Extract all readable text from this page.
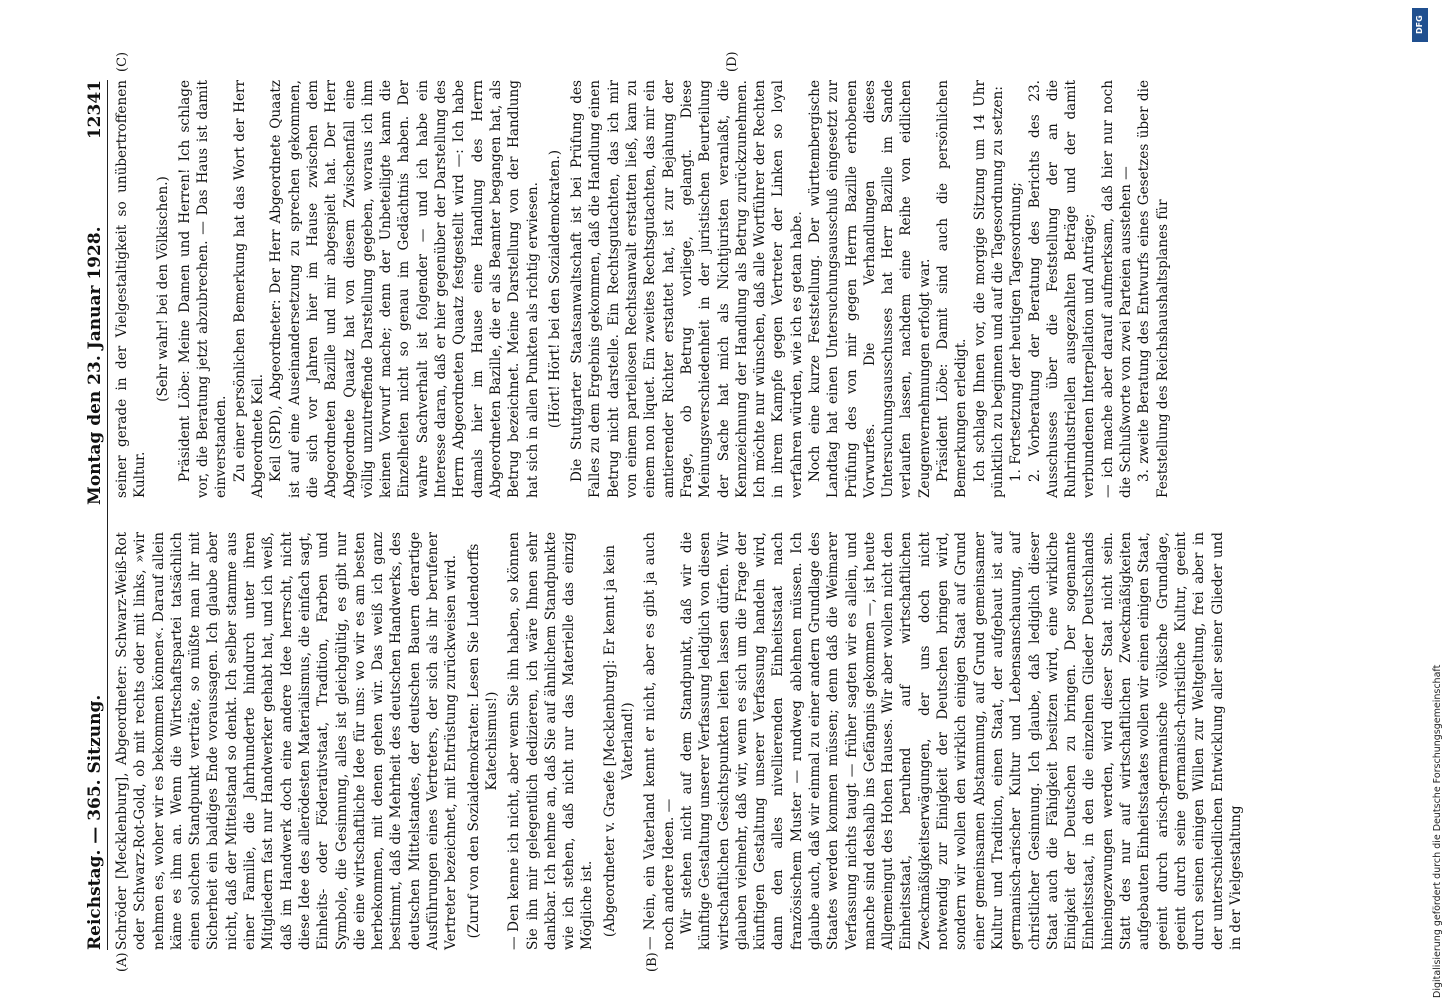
Reichstag. — 365. Sitzung.
Montag den 23. Januar 1928.
12341

Schröder [Mecklenburg], Abgeordneter: Schwarz-Weiß-Rot oder Schwarz-Rot-Gold, ob mit rechts oder mit links, »wir nehmen es, woher wir es bekommen können«. Darauf allein käme es ihm an. Wenn die Wirtschaftspartei tatsächlich einen solchen Standpunkt verträte, so müßte man ihr mit Sicherheit ein baldiges Ende voraussagen. Ich glaube aber nicht, daß der Mittelstand so denkt. Ich selber stamme aus einer Familie, die Jahrhunderte hindurch unter ihren Mitgliedern fast nur Handwerker gehabt hat, und ich weiß, daß im Handwerk doch eine andere Idee herrscht, nicht diese Idee des allerödesten Materialismus, die einfach sagt, Einheits- oder Föderativstaat, Tradition, Farben und Symbole, die Gesinnung, alles ist gleichgültig, es gibt nur die eine wirtschaftliche Idee für uns: wo wir es am besten herbekommen, mit denen gehen wir. Das weiß ich ganz bestimmt, daß die Mehrheit des deutschen Handwerks, des deutschen Mittelstandes, der deutschen Bauern derartige Ausführungen eines Vertreters, der sich als ihr berufener Vertreter bezeichnet, mit Entrüstung zurückweisen wird. (Zuruf von den Sozialdemokraten: Lesen Sie Ludendorffs Katechismus!) — Den kenne ich nicht, aber wenn Sie ihn haben, so können Sie ihn mir gelegentlich dedizieren, ich wäre Ihnen sehr dankbar. Ich nehme an, daß Sie auf ähnlichem Standpunkte wie ich stehen, daß nicht nur das Materielle das einzig Mögliche ist. (Abgeordneter v. Graefe [Mecklenburg]: Er kennt ja kein Vaterland!) — Nein, ein Vaterland kennt er nicht, aber es gibt ja auch noch andere Ideen. — Wir stehen nicht auf dem Standpunkt, daß wir die künftige Gestaltung unserer Verfassung lediglich von diesen wirtschaftlichen Gesichtspunkten leiten lassen dürfen. Wir glauben vielmehr, daß wir, wenn es sich um die Frage der künftigen Gestaltung unserer Verfassung handeln wird, dann den alles nivellierenden Einheitsstaat nach französischem Muster — rundweg ablehnen müssen. Ich glaube auch, daß wir einmal zu einer andern Grundlage des Staates werden kommen müssen; denn daß die Weimarer Verfassung nichts taugt — früher sagten wir es allein, und manche sind deshalb ins Gefängnis gekommen —, ist heute Allgemeingut des Hohen Hauses. Wir aber wollen nicht den Einheitsstaat, beruhend auf wirtschaftlichen Zweckmäßigkeitserwägungen, der uns doch nicht notwendig zur Einigkeit der Deutschen bringen wird, sondern wir wollen den wirklich einigen Staat auf Grund einer gemeinsamen Abstammung, auf Grund gemeinsamer Kultur und Tradition, einen Staat, der aufgebaut ist auf germanisch-arischer Kultur und Lebensanschauung, auf christlicher Gesinnung. Ich glaube, daß lediglich dieser Staat auch die Fähigkeit besitzen wird, eine wirkliche Einigkeit der Deutschen zu bringen. Der sogenannte Einheitsstaat, in den die einzelnen Glieder Deutschlands hineingezwungen werden, wird dieser Staat nicht sein. Statt des nur auf wirtschaftlichen Zweckmäßigkeiten aufgebauten Einheitsstaates wollen wir einen einigen Staat, geeint durch arisch-germanische völkische Grundlage, geeint durch seine germanisch-christliche Kultur, geeint durch seinen einigen Willen zur Weltgeltung, frei aber in der unterschiedlichen Entwicklung aller seiner Glieder und in der Vielgestaltung

seiner gerade in der Vielgestaltigkeit so unübertroffenen Kultur.

(Sehr wahr! bei den Völkischen.) Präsident Löbe: Meine Damen und Herren! Ich schlage vor, die Beratung jetzt abzubrechen. — Das Haus ist damit einverstanden. Zu einer persönlichen Bemerkung hat das Wort der Herr Abgeordnete Keil. Keil (SPD), Abgeordneter: Der Herr Abgeordnete Quaatz ist auf eine Auseinandersetzung zu sprechen gekommen, die sich vor Jahren hier im Hause zwischen dem Abgeordneten Bazille und mir abgespielt hat. Der Herr Abgeordnete Quaatz hat von diesem Zwischenfall eine völlig unzutreffende Darstellung gegeben, woraus ich ihm keinen Vorwurf mache; denn der Unbeteiligte kann die Einzelheiten nicht so genau im Gedächtnis haben. Der wahre Sachverhalt ist folgender — und ich habe ein Interesse daran, daß er hier gegenüber der Darstellung des Herrn Abgeordneten Quaatz festgestellt wird —: Ich habe damals hier im Hause eine Handlung des Herrn Abgeordneten Bazille, die er als Beamter begangen hat, als Betrug bezeichnet. Meine Darstellung von der Handlung hat sich in allen Punkten als richtig erwiesen. (Hört! Hört! bei den Sozialdemokraten.) Die Stuttgarter Staatsanwaltschaft ist bei Prüfung des Falles zu dem Ergebnis gekommen, daß die Handlung einen Betrug nicht darstelle. Ein Rechtsgutachten, das ich mir von einem parteilosen Rechtsanwalt erstatten ließ, kam zu einem non liquet. Ein zweites Rechtsgutachten, das mir ein amtierender Richter erstattet hat, ist zur Bejahung der Frage, ob Betrug vorliege, gelangt. Diese Meinungsverschiedenheit in der juristischen Beurteilung der Sache hat mich als Nichtjuristen veranlaßt, die Kennzeichnung der Handlung als Betrug zurückzunehmen. Ich möchte nur wünschen, daß alle Wortführer der Rechten in ihrem Kampfe gegen Vertreter der Linken so loyal verfahren würden, wie ich es getan habe. Noch eine kurze Feststellung. Der württembergische Landtag hat einen Untersuchungsausschuß eingesetzt zur Prüfung des von mir gegen Herrn Bazille erhobenen Vorwurfes. Die Verhandlungen dieses Untersuchungsausschusses hat Herr Bazille im Sande verlaufen lassen, nachdem eine Reihe von eidlichen Zeugenvernehmungen erfolgt war. Präsident Löbe: Damit sind auch die persönlichen Bemerkungen erledigt. Ich schlage Ihnen vor, die morgige Sitzung um 14 Uhr pünktlich zu beginnen und auf die Tagesordnung zu setzen: 1. Fortsetzung der heutigen Tagesordnung; 2. Vorberatung der Beratung des Berichts des 23. Ausschusses über die Feststellung der an die Ruhrindustriellen ausgezahlten Beträge und der damit verbundenen Interpellation und Anträge; — ich mache aber darauf aufmerksam, daß hier nur noch die Schlußworte von zwei Parteien ausstehen — 3. zweite Beratung des Entwurfs eines Gesetzes über die Feststellung des Reichshaushaltsplanes für

(A)	(B)
(C)	(D)
DFG
Digitalisierung gefördert durch die Deutsche Forschungsgemeinschaft
